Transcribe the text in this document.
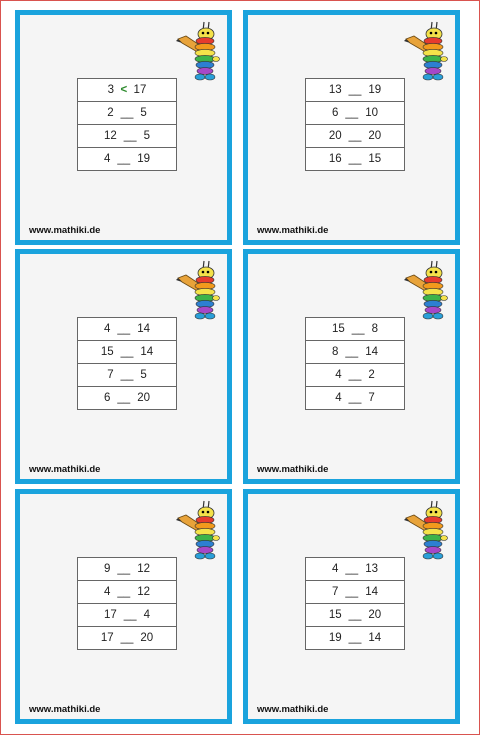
3 < 17
2 __ 5
12 __ 5
4 __ 19
www.mathiki.de
13 __ 19
6 __ 10
20 __ 20
16 __ 15
www.mathiki.de
4 __ 14
15 __ 14
7 __ 5
6 __ 20
www.mathiki.de
15 __ 8
8 __ 14
4 __ 2
4 __ 7
www.mathiki.de
9 __ 12
4 __ 12
17 __ 4
17 __ 20
www.mathiki.de
4 __ 13
7 __ 14
15 __ 20
19 __ 14
www.mathiki.de
